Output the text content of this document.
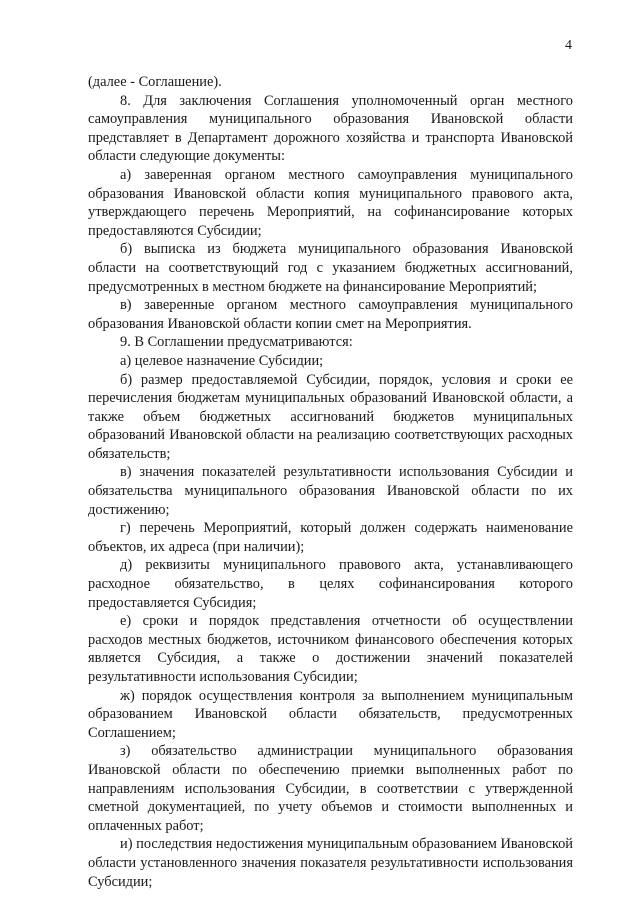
4

(далее - Соглашение).

8. Для заключения Соглашения уполномоченный орган местного самоуправления муниципального образования Ивановской области представляет в Департамент дорожного хозяйства и транспорта Ивановской области следующие документы:

а) заверенная органом местного самоуправления муниципального образования Ивановской области копия муниципального правового акта, утверждающего перечень Мероприятий, на софинансирование которых предоставляются Субсидии;

б) выписка из бюджета муниципального образования Ивановской области на соответствующий год с указанием бюджетных ассигнований, предусмотренных в местном бюджете на финансирование Мероприятий;

в) заверенные органом местного самоуправления муниципального образования Ивановской области копии смет на Мероприятия.

9. В Соглашении предусматриваются:

а) целевое назначение Субсидии;

б) размер предоставляемой Субсидии, порядок, условия и сроки ее перечисления бюджетам муниципальных образований Ивановской области, а также объем бюджетных ассигнований бюджетов муниципальных образований Ивановской области на реализацию соответствующих расходных обязательств;

в) значения показателей результативности использования Субсидии и обязательства муниципального образования Ивановской области по их достижению;

г) перечень Мероприятий, который должен содержать наименование объектов, их адреса (при наличии);

д) реквизиты муниципального правового акта, устанавливающего расходное обязательство, в целях софинансирования которого предоставляется Субсидия;

е) сроки и порядок представления отчетности об осуществлении расходов местных бюджетов, источником финансового обеспечения которых является Субсидия, а также о достижении значений показателей результативности использования Субсидии;

ж) порядок осуществления контроля за выполнением муниципальным образованием Ивановской области обязательств, предусмотренных Соглашением;

з) обязательство администрации муниципального образования Ивановской области по обеспечению приемки выполненных работ по направлениям использования Субсидии, в соответствии с утвержденной сметной документацией, по учету объемов и стоимости выполненных и оплаченных работ;

и) последствия недостижения муниципальным образованием Ивановской области установленного значения показателя результативности использования Субсидии;
